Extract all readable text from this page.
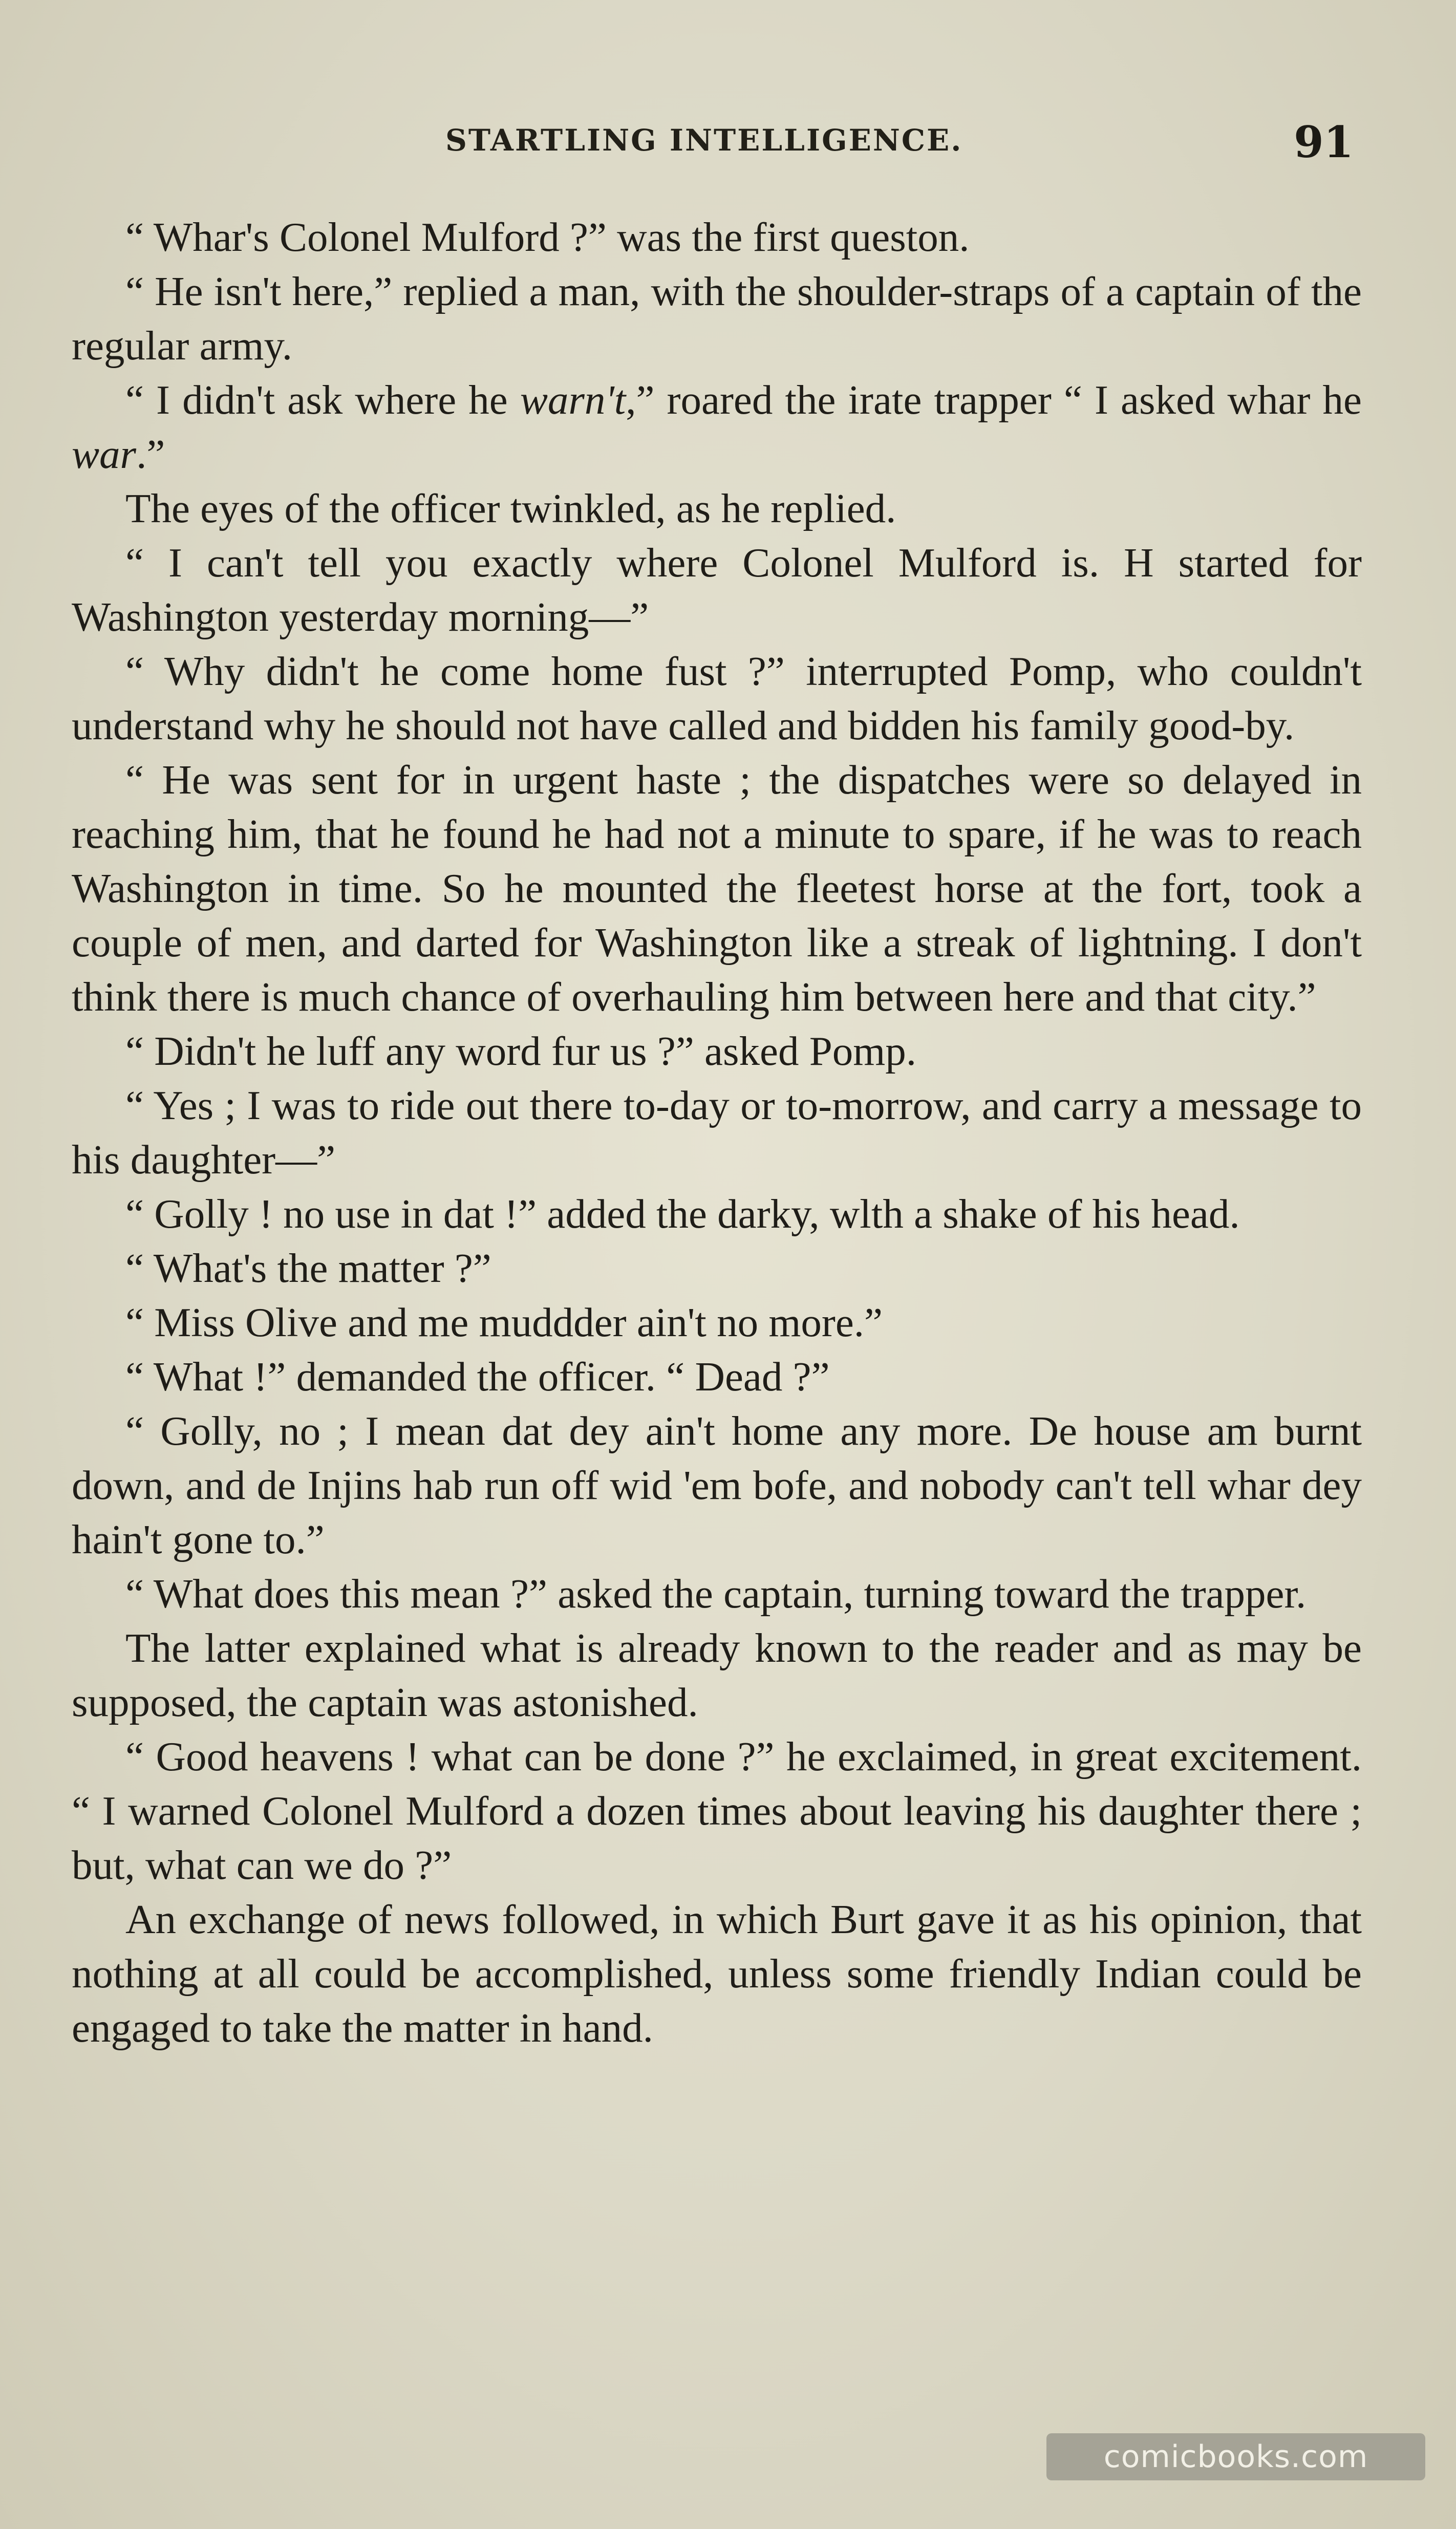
STARTLING INTELLIGENCE.	91

“ Whar's Colonel Mulford ?” was the first queston.

“ He isn't here,” replied a man, with the shoulder-straps of a captain of the regular army.

“ I didn't ask where he warn't,” roared the irate trapper “ I asked whar he war.”

The eyes of the officer twinkled, as he replied.

“ I can't tell you exactly where Colonel Mulford is. H started for Washington yesterday morning—”

“ Why didn't he come home fust ?” interrupted Pomp, who couldn't understand why he should not have called and bidden his family good-by.

“ He was sent for in urgent haste ; the dispatches were so delayed in reaching him, that he found he had not a minute to spare, if he was to reach Washington in time. So he mounted the fleetest horse at the fort, took a couple of men, and darted for Washington like a streak of lightning. I don't think there is much chance of overhauling him between here and that city.”

“ Didn't he luff any word fur us ?” asked Pomp.

“ Yes ; I was to ride out there to-day or to-morrow, and carry a message to his daughter—”

“ Golly ! no use in dat !” added the darky, wlth a shake of his head.

“ What's the matter ?”

“ Miss Olive and me muddder ain't no more.”

“ What !” demanded the officer. “ Dead ?”

“ Golly, no ; I mean dat dey ain't home any more. De house am burnt down, and de Injins hab run off wid 'em bofe, and nobody can't tell whar dey hain't gone to.”

“ What does this mean ?” asked the captain, turning toward the trapper.

The latter explained what is already known to the reader and as may be supposed, the captain was astonished.

“ Good heavens ! what can be done ?” he exclaimed, in great excitement. “ I warned Colonel Mulford a dozen times about leaving his daughter there ; but, what can we do ?”

An exchange of news followed, in which Burt gave it as his opinion, that nothing at all could be accomplished, unless some friendly Indian could be engaged to take the matter in hand.

comicbooks.com
